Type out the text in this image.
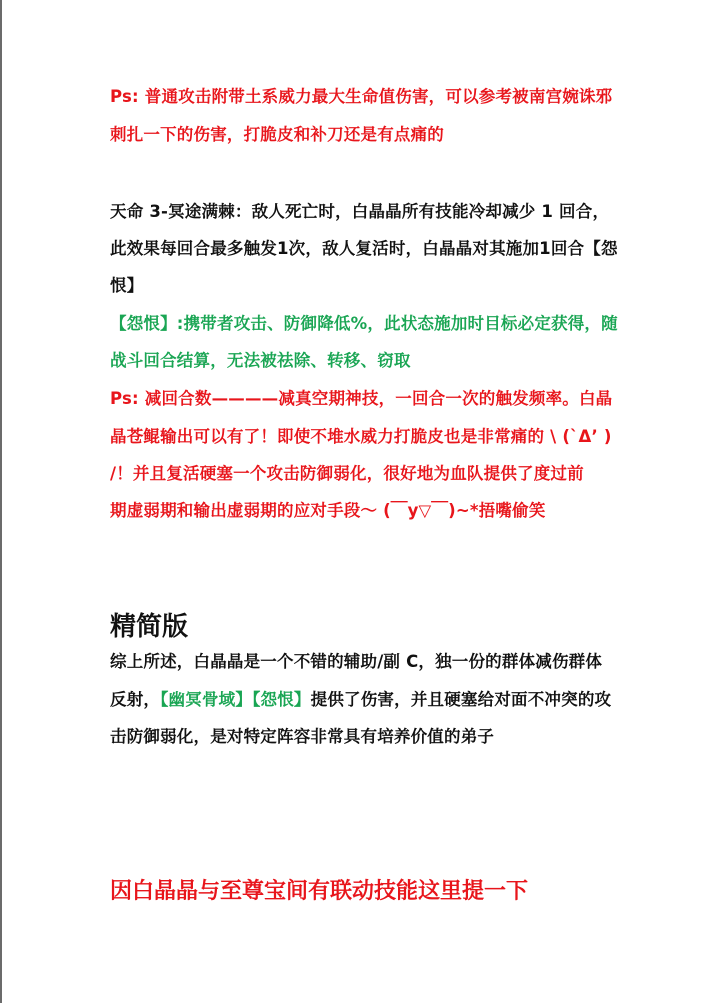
Ps: 普通攻击附带土系威力最大生命值伤害，可以参考被南宫婉诛邪

刺扎一下的伤害，打脆皮和补刀还是有点痛的

天命 3-冥途满棘：敌人死亡时，白晶晶所有技能冷却减少 1 回合，

此效果每回合最多触发1次，敌人复活时，白晶晶对其施加1回合【怨

恨】

【怨恨】:携带者攻击、防御降低%，此状态施加时目标必定获得，随

战斗回合结算，无法被祛除、转移、窃取

Ps: 减回合数————减真空期神技，一回合一次的触发频率。白晶

晶苍鲲输出可以有了！即使不堆水威力打脆皮也是非常痛的 \ (`Δ’ )

/！并且复活硬塞一个攻击防御弱化，很好地为血队提供了度过前

期虚弱期和输出虚弱期的应对手段～ (￣y▽￣)~*捂嘴偷笑

精简版

综上所述，白晶晶是一个不错的辅助/副 C，独一份的群体减伤群体

反射，【幽冥骨域】【怨恨】提供了伤害，并且硬塞给对面不冲突的攻

击防御弱化，是对特定阵容非常具有培养价值的弟子

因白晶晶与至尊宝间有联动技能这里提一下
